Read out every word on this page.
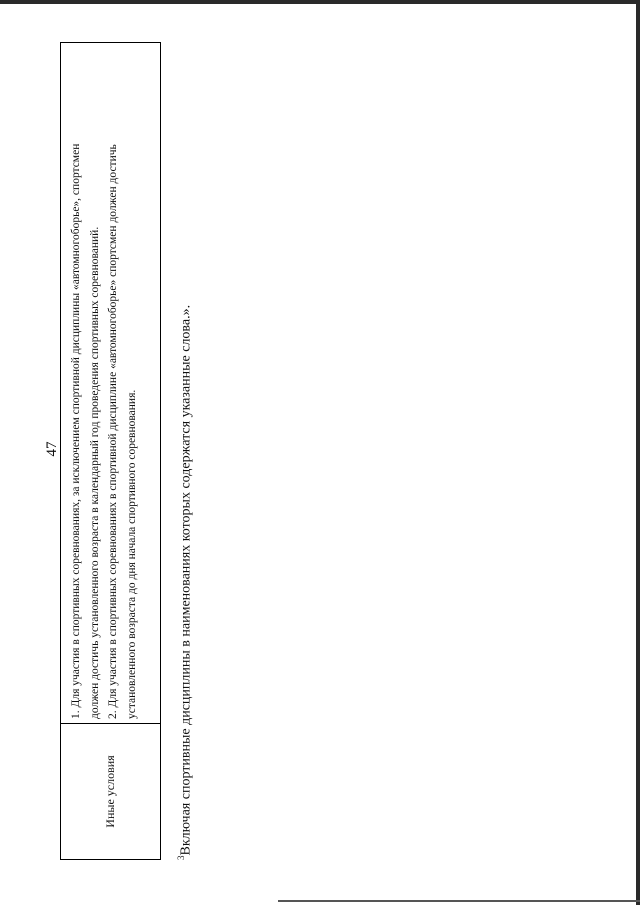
47
Иные условия

1. Для участия в спортивных соревнованиях, за исключением спортивной дисциплины «автомногоборье», спортсмен должен достичь установленного возраста в календарный год проведения спортивных соревнований. 2. Для участия в спортивных соревнованиях в спортивной дисциплине «автомногоборье» спортсмен должен достичь установленного возраста до дня начала спортивного соревнования.

$^3$Включая спортивные дисциплины в наименованиях которых содержатся указанные слова.».
